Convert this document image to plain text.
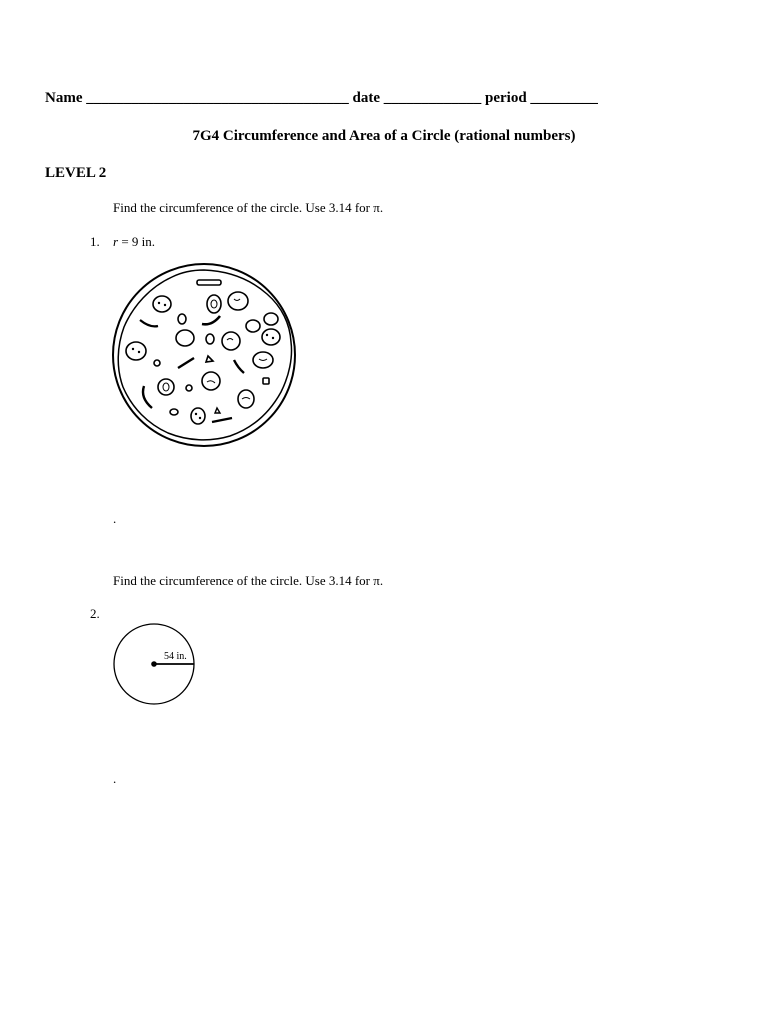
Name ___________________________________ date _____________ period _________
7G4 Circumference and Area of a Circle (rational numbers)
LEVEL 2
Find the circumference of the circle. Use 3.14 for π.
1. r = 9 in.
.
Find the circumference of the circle. Use 3.14 for π.
2.
54 in.
.
